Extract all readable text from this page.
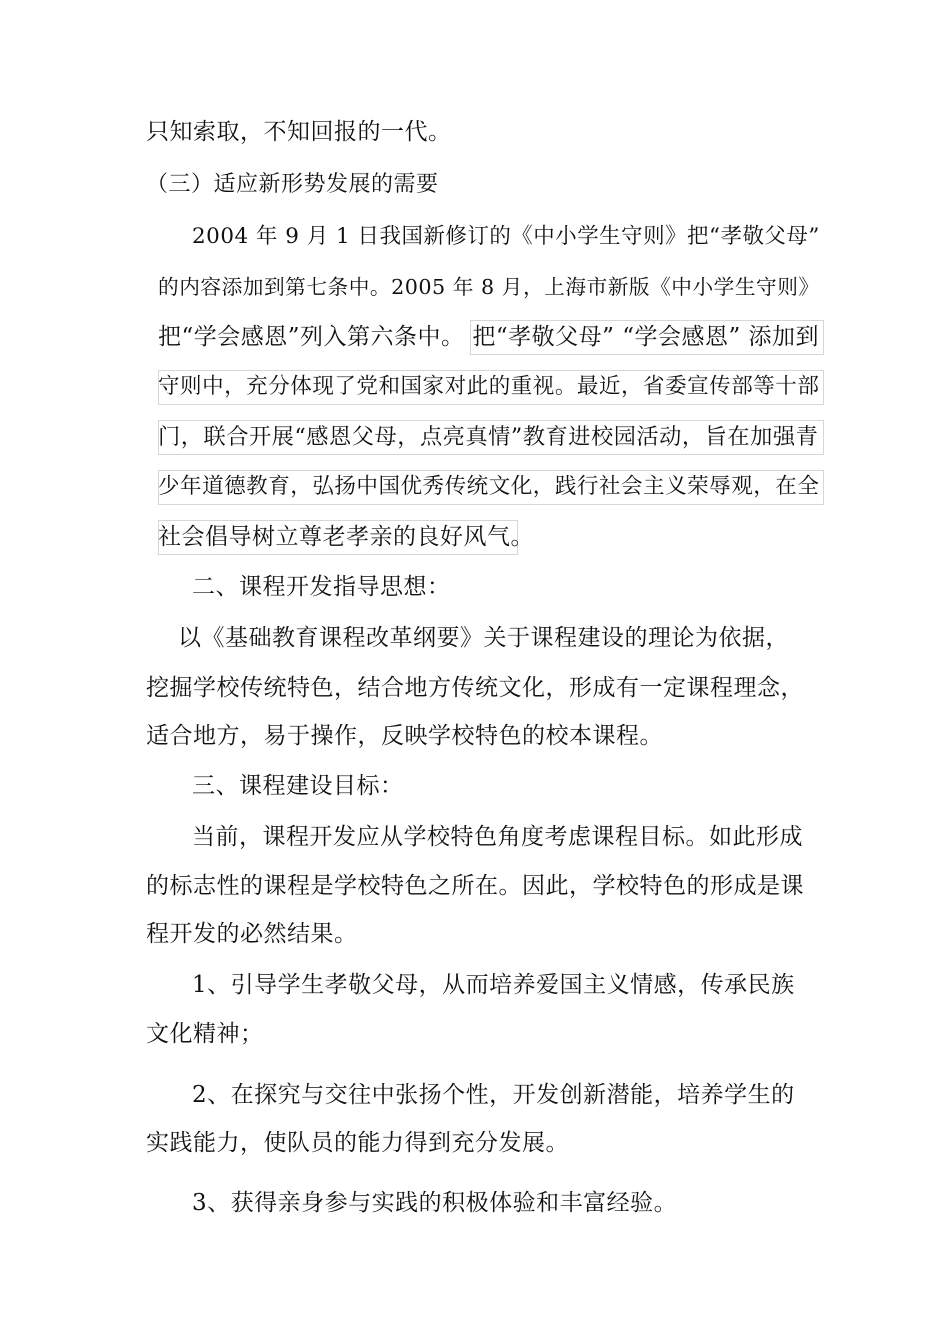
只知索取，不知回报的一代。
（三）适应新形势发展的需要
2004 年 9 月 1 日我国新修订的《中小学生守则》把“孝敬父母”
的内容添加到第七条中。2005 年 8 月，上海市新版《中小学生守则》
把“学会感恩”列入第六条中。 把“孝敬父母” “学会感恩” 添加到
守则中，充分体现了党和国家对此的重视。最近，省委宣传部等十部
门，联合开展“感恩父母，点亮真情”教育进校园活动，旨在加强青
少年道德教育，弘扬中国优秀传统文化，践行社会主义荣辱观，在全
社会倡导树立尊老孝亲的良好风气。
二、课程开发指导思想：
以《基础教育课程改革纲要》关于课程建设的理论为依据，
挖掘学校传统特色，结合地方传统文化，形成有一定课程理念，
适合地方，易于操作，反映学校特色的校本课程。
三、课程建设目标：
当前，课程开发应从学校特色角度考虑课程目标。如此形成
的标志性的课程是学校特色之所在。因此，学校特色的形成是课
程开发的必然结果。
1、引导学生孝敬父母，从而培养爱国主义情感，传承民族
文化精神；
2、在探究与交往中张扬个性，开发创新潜能，培养学生的
实践能力，使队员的能力得到充分发展。
3、获得亲身参与实践的积极体验和丰富经验。
